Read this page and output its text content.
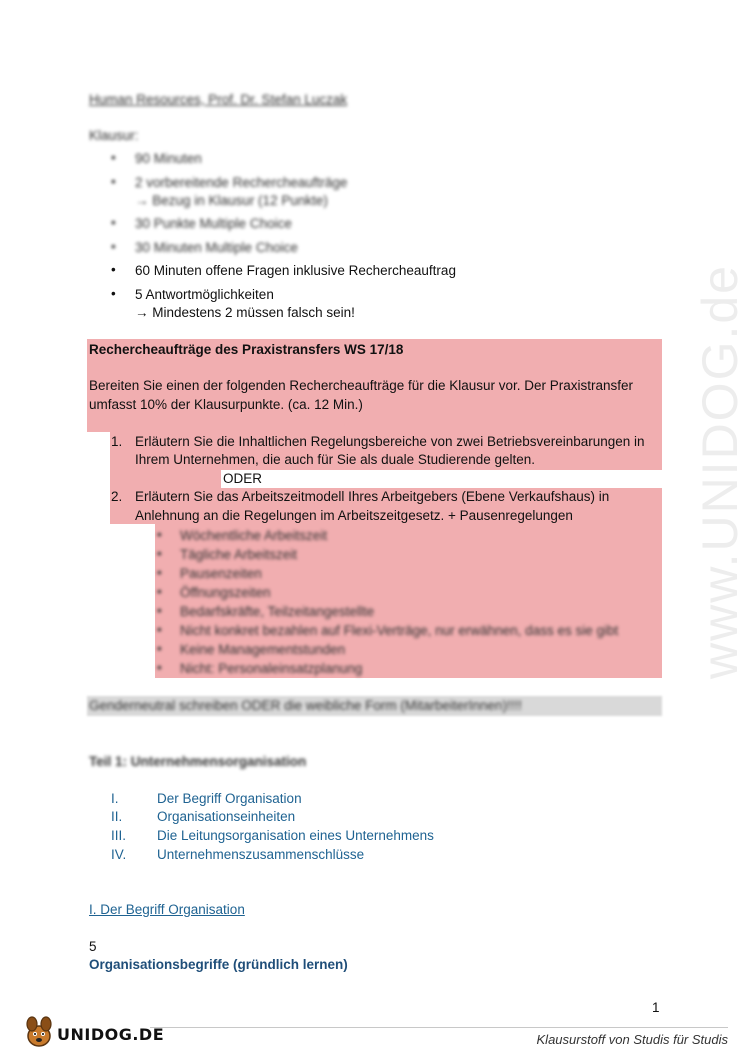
www.UNIDOG.de
Human Resources, Prof. Dr. Stefan Luczak
Klausur:
• 90 Minuten
• 2 vorbereitende Rechercheaufträge
→ Bezug in Klausur (12 Punkte)
• 30 Punkte Multiple Choice
• 30 Minuten Multiple Choice
• 60 Minuten offene Fragen inklusive Rechercheauftrag
• 5 Antwortmöglichkeiten
→ Mindestens 2 müssen falsch sein!
Rechercheaufträge des Praxistransfers WS 17/18
Bereiten Sie einen der folgenden Rechercheaufträge für die Klausur vor. Der Praxistransfer
umfasst 10% der Klausurpunkte. (ca. 12 Min.)
1. Erläutern Sie die Inhaltlichen Regelungsbereiche von zwei Betriebsvereinbarungen in
Ihrem Unternehmen, die auch für Sie als duale Studierende gelten.
ODER
2. Erläutern Sie das Arbeitszeitmodell Ihres Arbeitgebers (Ebene Verkaufshaus) in
Anlehnung an die Regelungen im Arbeitszeitgesetz. + Pausenregelungen
• Wöchentliche Arbeitszeit
• Tägliche Arbeitszeit
• Pausenzeiten
• Öffnungszeiten
• Bedarfskräfte, Teilzeitangestellte
• Nicht konkret bezahlen auf Flexi-Verträge, nur erwähnen, dass es sie gibt
• Keine Managementstunden
• Nicht: Personaleinsatzplanung
Genderneutral schreiben ODER die weibliche Form (MitarbeiterInnen)!!!!
Teil 1: Unternehmensorganisation
I.	Der Begriff Organisation
II.	Organisationseinheiten
III. Die Leitungsorganisation eines Unternehmens
IV. Unternehmenszusammenschlüsse
I. Der Begriff Organisation
5
Organisationsbegriffe (gründlich lernen)
1
UNIDOG.DE	Klausurstoff von Studis für Studis
